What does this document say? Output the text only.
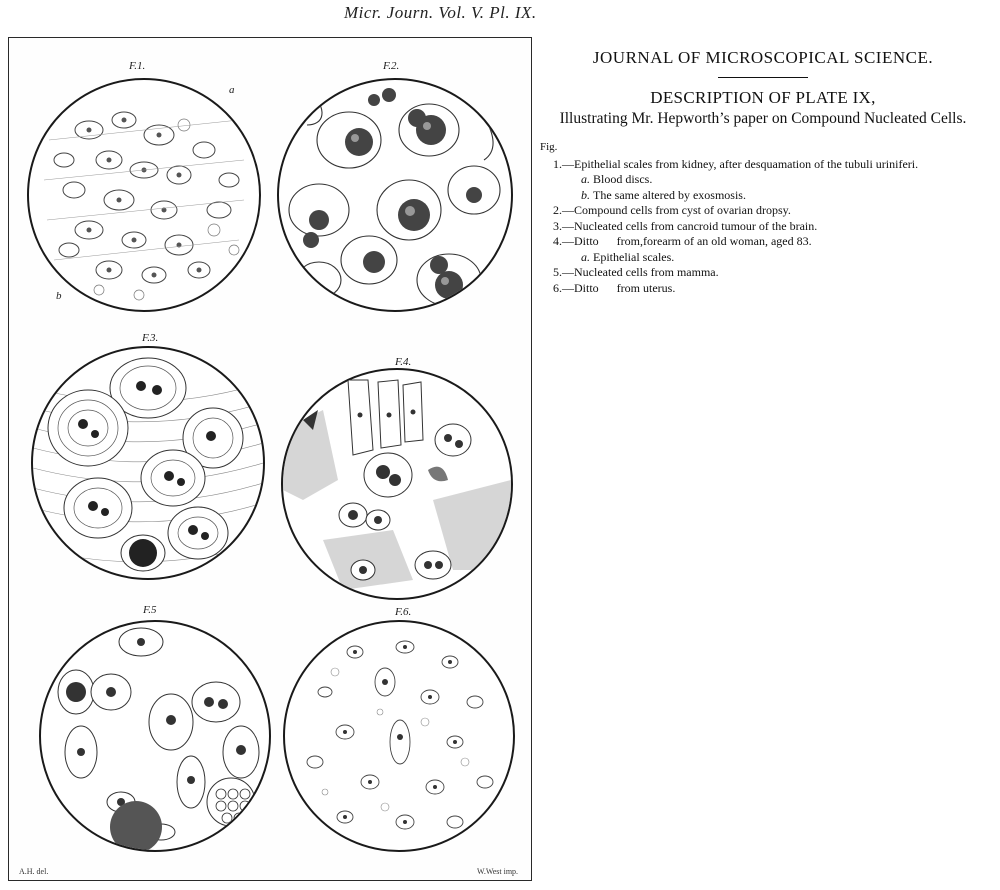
Micr. Journ. Vol. V. Pl. IX.
F.1.
a
b
F.2.
F.3.
F.4.
F.5	F.6.
A.H. del.	W.West imp.
JOURNAL OF MICROSCOPICAL SCIENCE.
DESCRIPTION OF PLATE IX,

Illustrating Mr. Hepworth’s paper on Compound Nucleated Cells.

Fig.
1.— Epithelial scales from kidney, after desquamation of the tubuli uriniferi.
a. Blood discs.
b. The same altered by exosmosis.
2.— Compound cells from cyst of ovarian dropsy.
3.— Nucleated cells from cancroid tumour of the brain.
4.— Ditto      from,forearm of an old woman, aged 83.
a. Epithelial scales.
5.— Nucleated cells from mamma.
6.— Ditto      from uterus.
